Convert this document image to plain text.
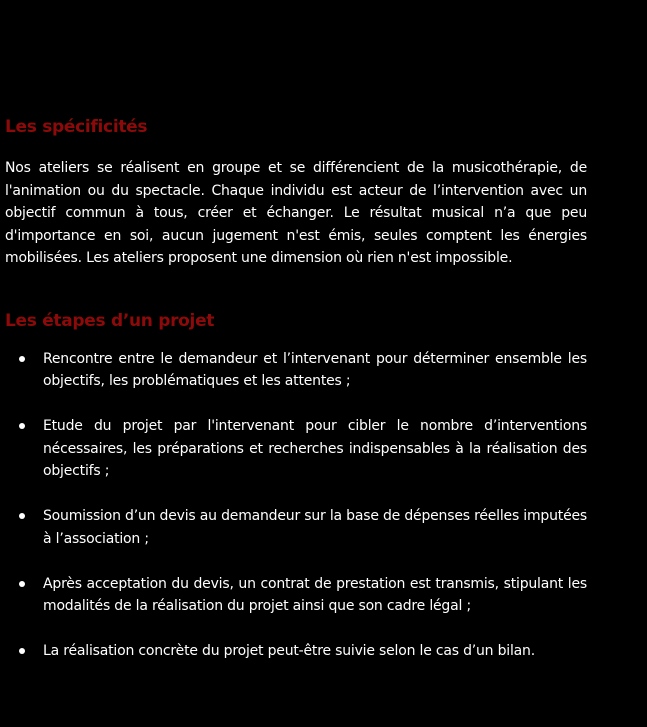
Les spécificités

Nos ateliers se réalisent en groupe et se différencient de la musicothérapie, de l'animation ou du spectacle. Chaque individu est acteur de l’intervention avec un objectif commun à tous, créer et échanger. Le résultat musical n’a que peu d'importance en soi, aucun jugement n'est émis, seules comptent les énergies mobilisées. Les ateliers proposent une dimension où rien n'est impossible.

Les étapes d’un projet
Rencontre entre le demandeur et l’intervenant pour déterminer ensemble les objectifs, les problématiques et les attentes ;
Etude du projet par l'intervenant pour cibler le nombre d’interventions nécessaires, les préparations et recherches indispensables à la réalisation des objectifs ;
Soumission d’un devis au demandeur sur la base de dépenses réelles imputées à l’association ;
Après acceptation du devis, un contrat de prestation est transmis, stipulant les modalités de la réalisation du projet ainsi que son cadre légal ;
La réalisation concrète du projet peut-être suivie selon le cas d’un bilan.
